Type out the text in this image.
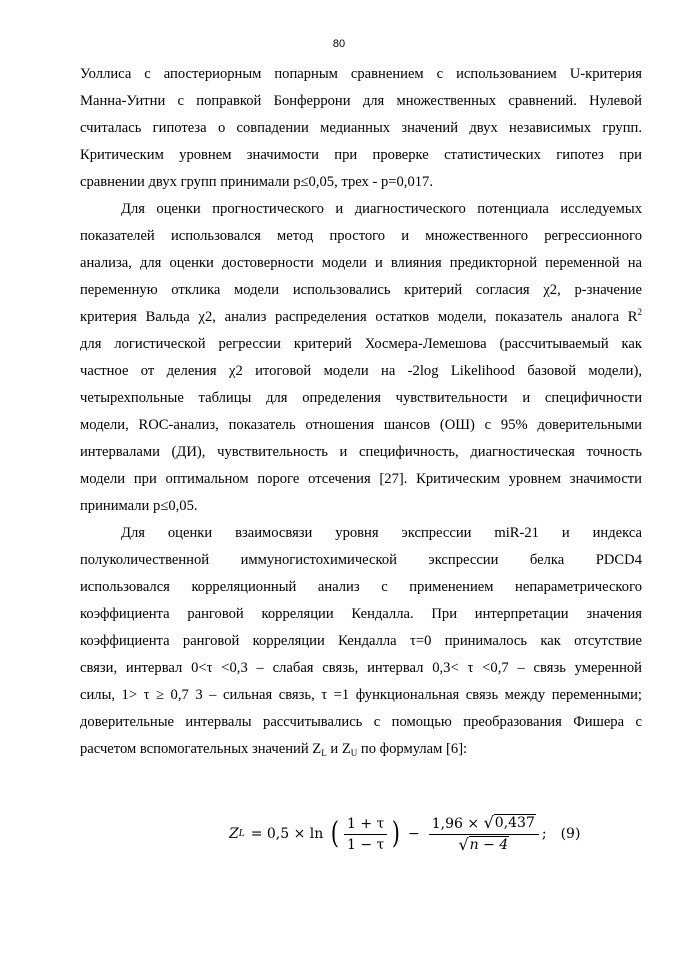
80
Уоллиса с апостериорным попарным сравнением с использованием U-критерия
Манна-Уитни с поправкой Бонферрони для множественных сравнений. Нулевой
считалась гипотеза о совпадении медианных значений двух независимых групп.
Критическим уровнем значимости при проверке статистических гипотез при
сравнении двух групп принимали p≤0,05, трех - p=0,017.
Для оценки прогностического и диагностического потенциала исследуемых
показателей использовался метод простого и множественного регрессионного
анализа, для оценки достоверности модели и влияния предикторной переменной на
переменную отклика модели использовались критерий согласия χ2, p-значение
критерия Вальда χ2, анализ распределения остатков модели, показатель аналога $R^2$
для логистической регрессии критерий Хосмера-Лемешова (рассчитываемый как
частное от деления χ2 итоговой модели на -2log Likelihood базовой модели),
четырехпольные таблицы для определения чувствительности и специфичности
модели, ROC-анализ, показатель отношения шансов (ОШ) с 95% доверительными
интервалами (ДИ), чувствительность и специфичность, диагностическая точность
модели при оптимальном пороге отсечения [27]. Критическим уровнем значимости
принимали p≤0,05.
Для оценки взаимосвязи уровня экспрессии miR-21 и индекса
полуколичественной иммуногистохимической экспрессии белка PDCD4
использовался корреляционный анализ с применением непараметрического
коэффициента ранговой корреляции Кендалла. При интерпретации значения
коэффициента ранговой корреляции Кендалла τ=0 принималось как отсутствие
связи, интервал 0<τ <0,3 – слабая связь, интервал 0,3< τ <0,7 – связь умеренной
силы, 1> τ ≥ 0,7 3 – сильная связь, τ =1 функциональная связь между переменными;
доверительные интервалы рассчитывались с помощью преобразования Фишера с
расчетом вспомогательных значений $Z_L$ и $Z_U$ по формулам [6]:
Z L = 0,5 × ln ( $\frac{1 + \tau}{1 - \tau}$ ) − $\frac{1,96 \times √ 0,437}{√ n - 4}$ ; (9)
